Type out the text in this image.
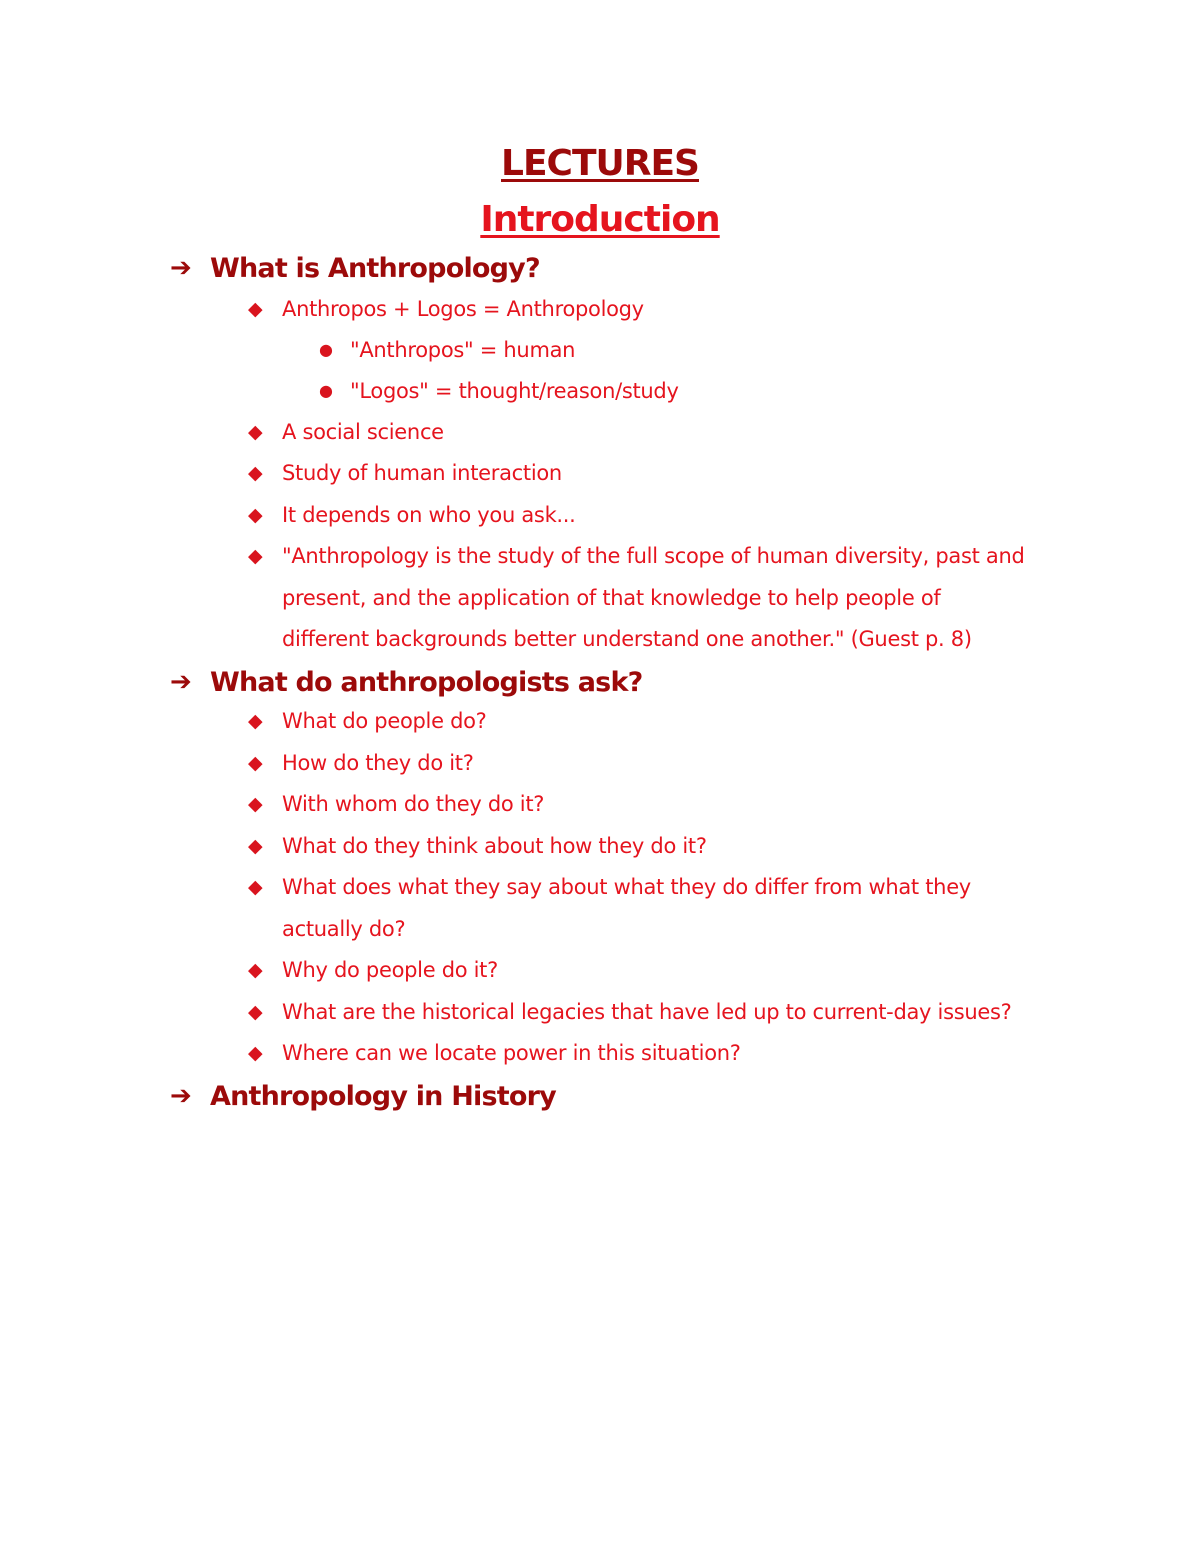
LECTURES
Introduction
➔ What is Anthropology?
◆ Anthropos + Logos = Anthropology
● "Anthropos" = human
● "Logos" = thought/reason/study
◆ A social science
◆ Study of human interaction
◆ It depends on who you ask...
◆ "Anthropology is the study of the full scope of human diversity, past and
present, and the application of that knowledge to help people of
different backgrounds better understand one another." (Guest p. 8)
➔ What do anthropologists ask?
◆ What do people do?
◆ How do they do it?
◆ With whom do they do it?
◆ What do they think about how they do it?
◆ What does what they say about what they do differ from what they
actually do?
◆ Why do people do it?
◆ What are the historical legacies that have led up to current-day issues?
◆ Where can we locate power in this situation?
➔ Anthropology in History
